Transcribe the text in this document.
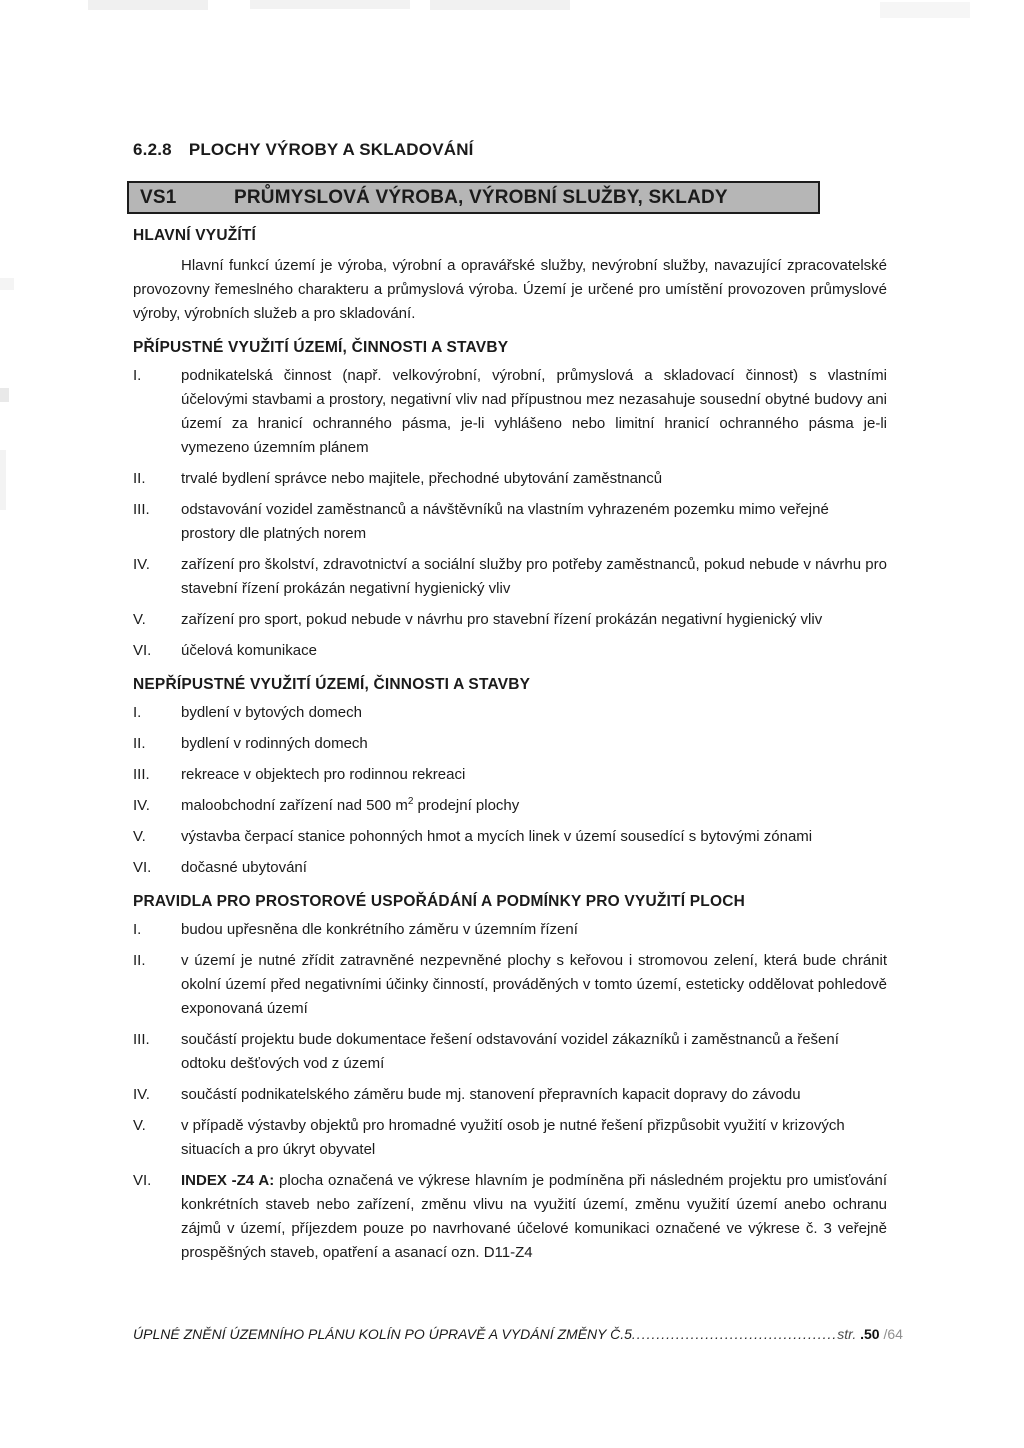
6.2.8 PLOCHY VÝROBY A SKLADOVÁNÍ
VS1	PRŮMYSLOVÁ VÝROBA, VÝROBNÍ SLUŽBY, SKLADY
HLAVNÍ VYUŽÍTÍ

Hlavní funkcí území je výroba, výrobní a opravářské služby, nevýrobní služby, navazující zpracovatelské provozovny řemeslného charakteru a průmyslová výroba. Území je určené pro umístění provozoven průmyslové výroby, výrobních služeb a pro skladování.

PŘÍPUSTNÉ VYUŽITÍ ÚZEMÍ, ČINNOSTI A STAVBY
I.	podnikatelská činnost (např. velkovýrobní, výrobní, průmyslová a skladovací činnost) s vlastními účelovými stavbami a prostory, negativní vliv nad přípustnou mez nezasahuje sousední obytné budovy ani území za hranicí ochranného pásma, je-li vyhlášeno nebo limitní hranicí ochranného pásma je-li vymezeno územním plánem
II.	trvalé bydlení správce nebo majitele, přechodné ubytování zaměstnanců
III.	odstavování vozidel zaměstnanců a návštěvníků na vlastním vyhrazeném pozemku mimo veřejné prostory dle platných norem
IV.	zařízení pro školství, zdravotnictví a sociální služby pro potřeby zaměstnanců, pokud nebude v návrhu pro stavební řízení prokázán negativní hygienický vliv
V.	zařízení pro sport, pokud nebude v návrhu pro stavební řízení prokázán negativní hygienický vliv
VI.	účelová komunikace
NEPŘÍPUSTNÉ VYUŽITÍ ÚZEMÍ, ČINNOSTI A STAVBY
I.	bydlení v bytových domech
II.	bydlení v rodinných domech
III.	rekreace v objektech pro rodinnou rekreaci
IV.	maloobchodní zařízení nad 500 $m^2$ prodejní plochy
V.	výstavba čerpací stanice pohonných hmot a mycích linek v území sousedící s bytovými zónami
VI.	dočasné ubytování
PRAVIDLA PRO PROSTOROVÉ USPOŘÁDÁNÍ A PODMÍNKY PRO VYUŽITÍ PLOCH
I.	budou upřesněna dle konkrétního záměru v územním řízení
II.	v území je nutné zřídit zatravněné nezpevněné plochy s keřovou i stromovou zelení, která bude chránit okolní území před negativními účinky činností, prováděných v tomto území, esteticky oddělovat pohledově exponovaná území
III.	součástí projektu bude dokumentace řešení odstavování vozidel zákazníků i zaměstnanců a řešení odtoku dešťových vod z území
IV.	součástí podnikatelského záměru bude mj. stanovení přepravních kapacit dopravy do závodu
V.	v případě výstavby objektů pro hromadné využití osob je nutné řešení přizpůsobit využití v krizových situacích a pro úkryt obyvatel
VI.	INDEX -Z4 A: plocha označená ve výkrese hlavním je podmíněna při následném projektu pro umisťování konkrétních staveb nebo zařízení, změnu vlivu na využití území, změnu využití území anebo ochranu zájmů v území, příjezdem pouze po navrhované účelové komunikaci označené ve výkrese č. 3 veřejně prospěšných staveb, opatření a asanací ozn. D11-Z4
ÚPLNÉ ZNĚNÍ ÚZEMNÍHO PLÁNU KOLÍN PO ÚPRAVĚ A VYDÁNÍ ZMĚNY Č.5..........................................str. .50 /64
